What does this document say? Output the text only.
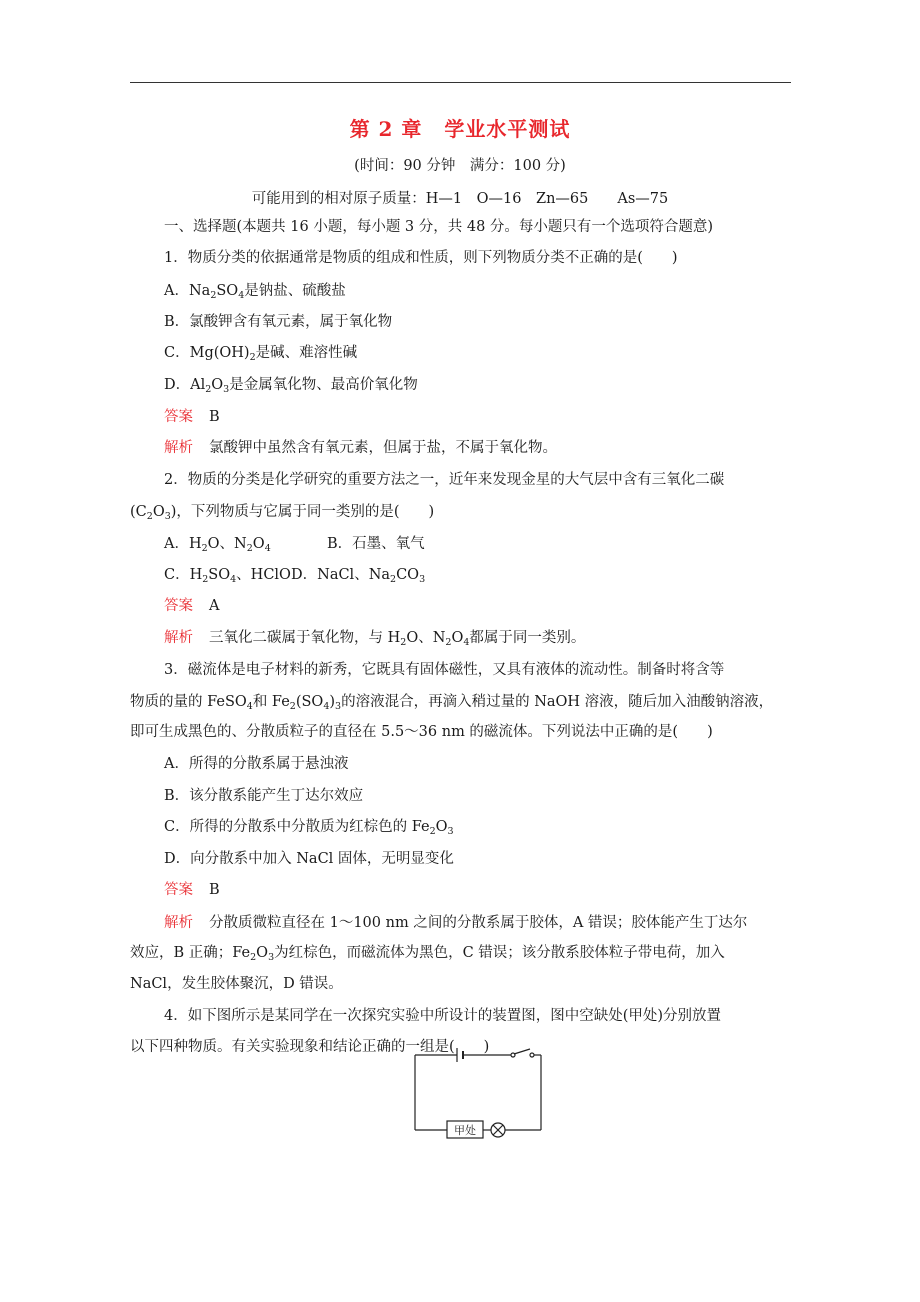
第 2 章 学业水平测试
(时间：90 分钟　满分：100 分)
可能用到的相对原子质量：H—1　O—16　Zn—65　　As—75
一、选择题(本题共 16 小题，每小题 3 分，共 48 分。每小题只有一个选项符合题意)
1．物质分类的依据通常是物质的组成和性质，则下列物质分类不正确的是(　　)
A．$Na_2SO_4$是钠盐、硫酸盐
B．氯酸钾含有氧元素，属于氧化物
C．$Mg(OH)_2$是碱、难溶性碱
D．$Al_2O_3$是金属氧化物、最高价氧化物
答案 B
解析 氯酸钾中虽然含有氧元素，但属于盐，不属于氧化物。
2．物质的分类是化学研究的重要方法之一，近年来发现金星的大气层中含有三氧化二碳
$(C_2O_3)$，下列物质与它属于同一类别的是(　　)
A．$H_2O$、$N_2O_4$	B．石墨、氧气
C．$H_2SO_4$、HClO D．NaCl、$Na_2CO_3$
答案 A
解析 三氧化二碳属于氧化物，与 $H_2O$、$N_2O_4$都属于同一类别。
3．磁流体是电子材料的新秀，它既具有固体磁性，又具有液体的流动性。制备时将含等
物质的量的 FeSO$_4$和 $Fe_2(SO_4)_3$的溶液混合，再滴入稍过量的 NaOH 溶液，随后加入油酸钠溶液，
即可生成黑色的、分散质粒子的直径在 5.5～36 nm 的磁流体。下列说法中正确的是(　　)
A．所得的分散系属于悬浊液
B．该分散系能产生丁达尔效应
C．所得的分散系中分散质为红棕色的 $Fe_2O_3$
D．向分散系中加入 NaCl 固体，无明显变化
答案 B
解析 分散质微粒直径在 1～100 nm 之间的分散系属于胶体，A 错误；胶体能产生丁达尔
效应，B 正确；$Fe_2O_3$为红棕色，而磁流体为黑色，C 错误；该分散系胶体粒子带电荷，加入
NaCl，发生胶体聚沉，D 错误。
4．如下图所示是某同学在一次探究实验中所设计的装置图，图中空缺处(甲处)分别放置
以下四种物质。有关实验现象和结论正确的一组是(　　)
甲处
